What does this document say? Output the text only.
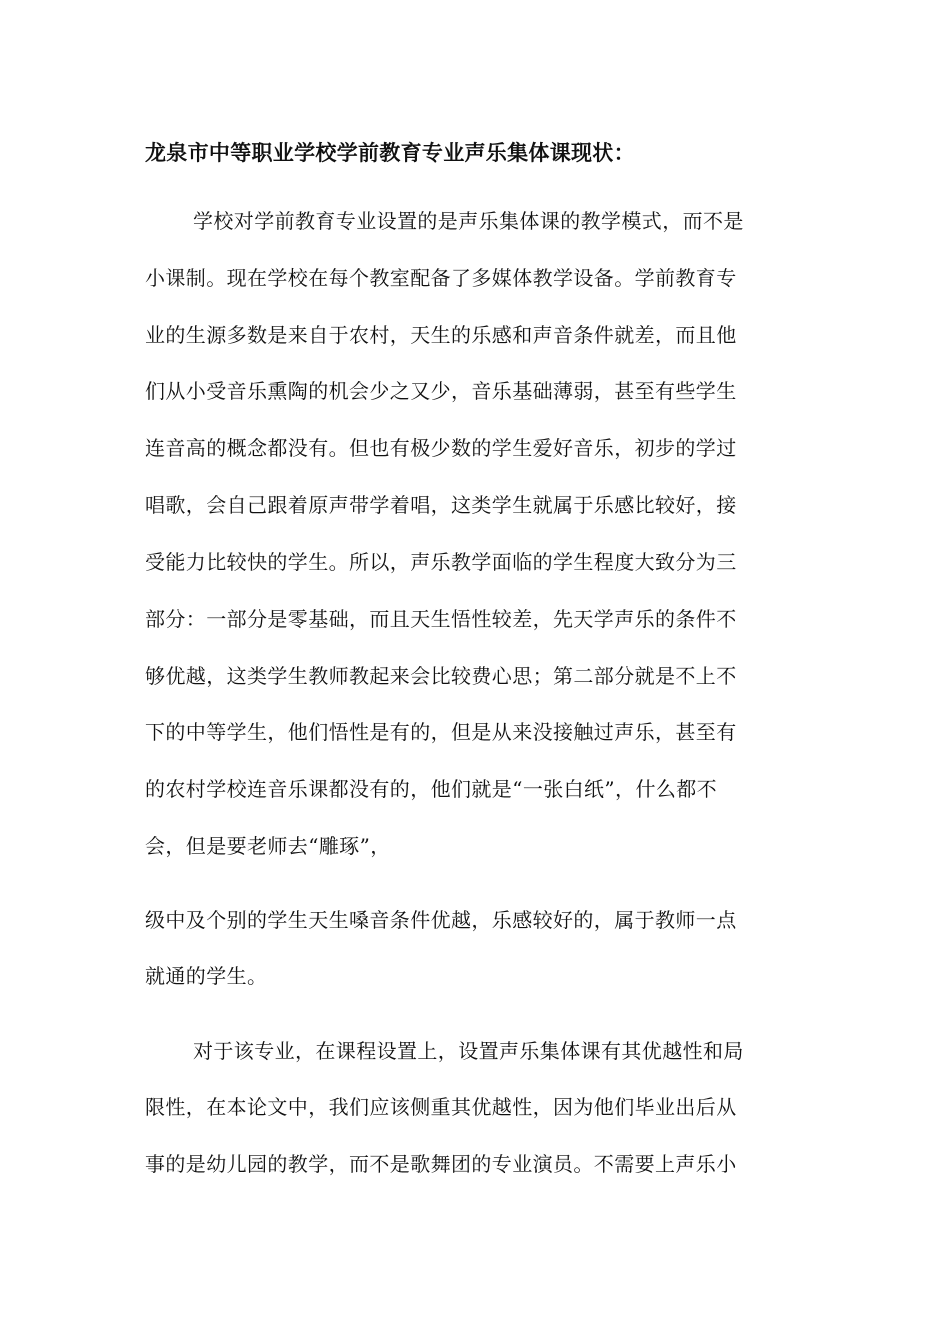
龙泉市中等职业学校学前教育专业声乐集体课现状：
学校对学前教育专业设置的是声乐集体课的教学模式，而不是
小课制。现在学校在每个教室配备了多媒体教学设备。学前教育专
业的生源多数是来自于农村，天生的乐感和声音条件就差，而且他
们从小受音乐熏陶的机会少之又少，音乐基础薄弱，甚至有些学生
连音高的概念都没有。但也有极少数的学生爱好音乐，初步的学过
唱歌，会自己跟着原声带学着唱，这类学生就属于乐感比较好，接
受能力比较快的学生。所以，声乐教学面临的学生程度大致分为三
部分：一部分是零基础，而且天生悟性较差，先天学声乐的条件不
够优越，这类学生教师教起来会比较费心思；第二部分就是不上不
下的中等学生，他们悟性是有的，但是从来没接触过声乐，甚至有
的农村学校连音乐课都没有的，他们就是“一张白纸”，什么都不
会，但是要老师去“雕琢”，
级中及个别的学生天生嗓音条件优越，乐感较好的，属于教师一点
就通的学生。
对于该专业，在课程设置上，设置声乐集体课有其优越性和局
限性，在本论文中，我们应该侧重其优越性，因为他们毕业出后从
事的是幼儿园的教学，而不是歌舞团的专业演员。不需要上声乐小
